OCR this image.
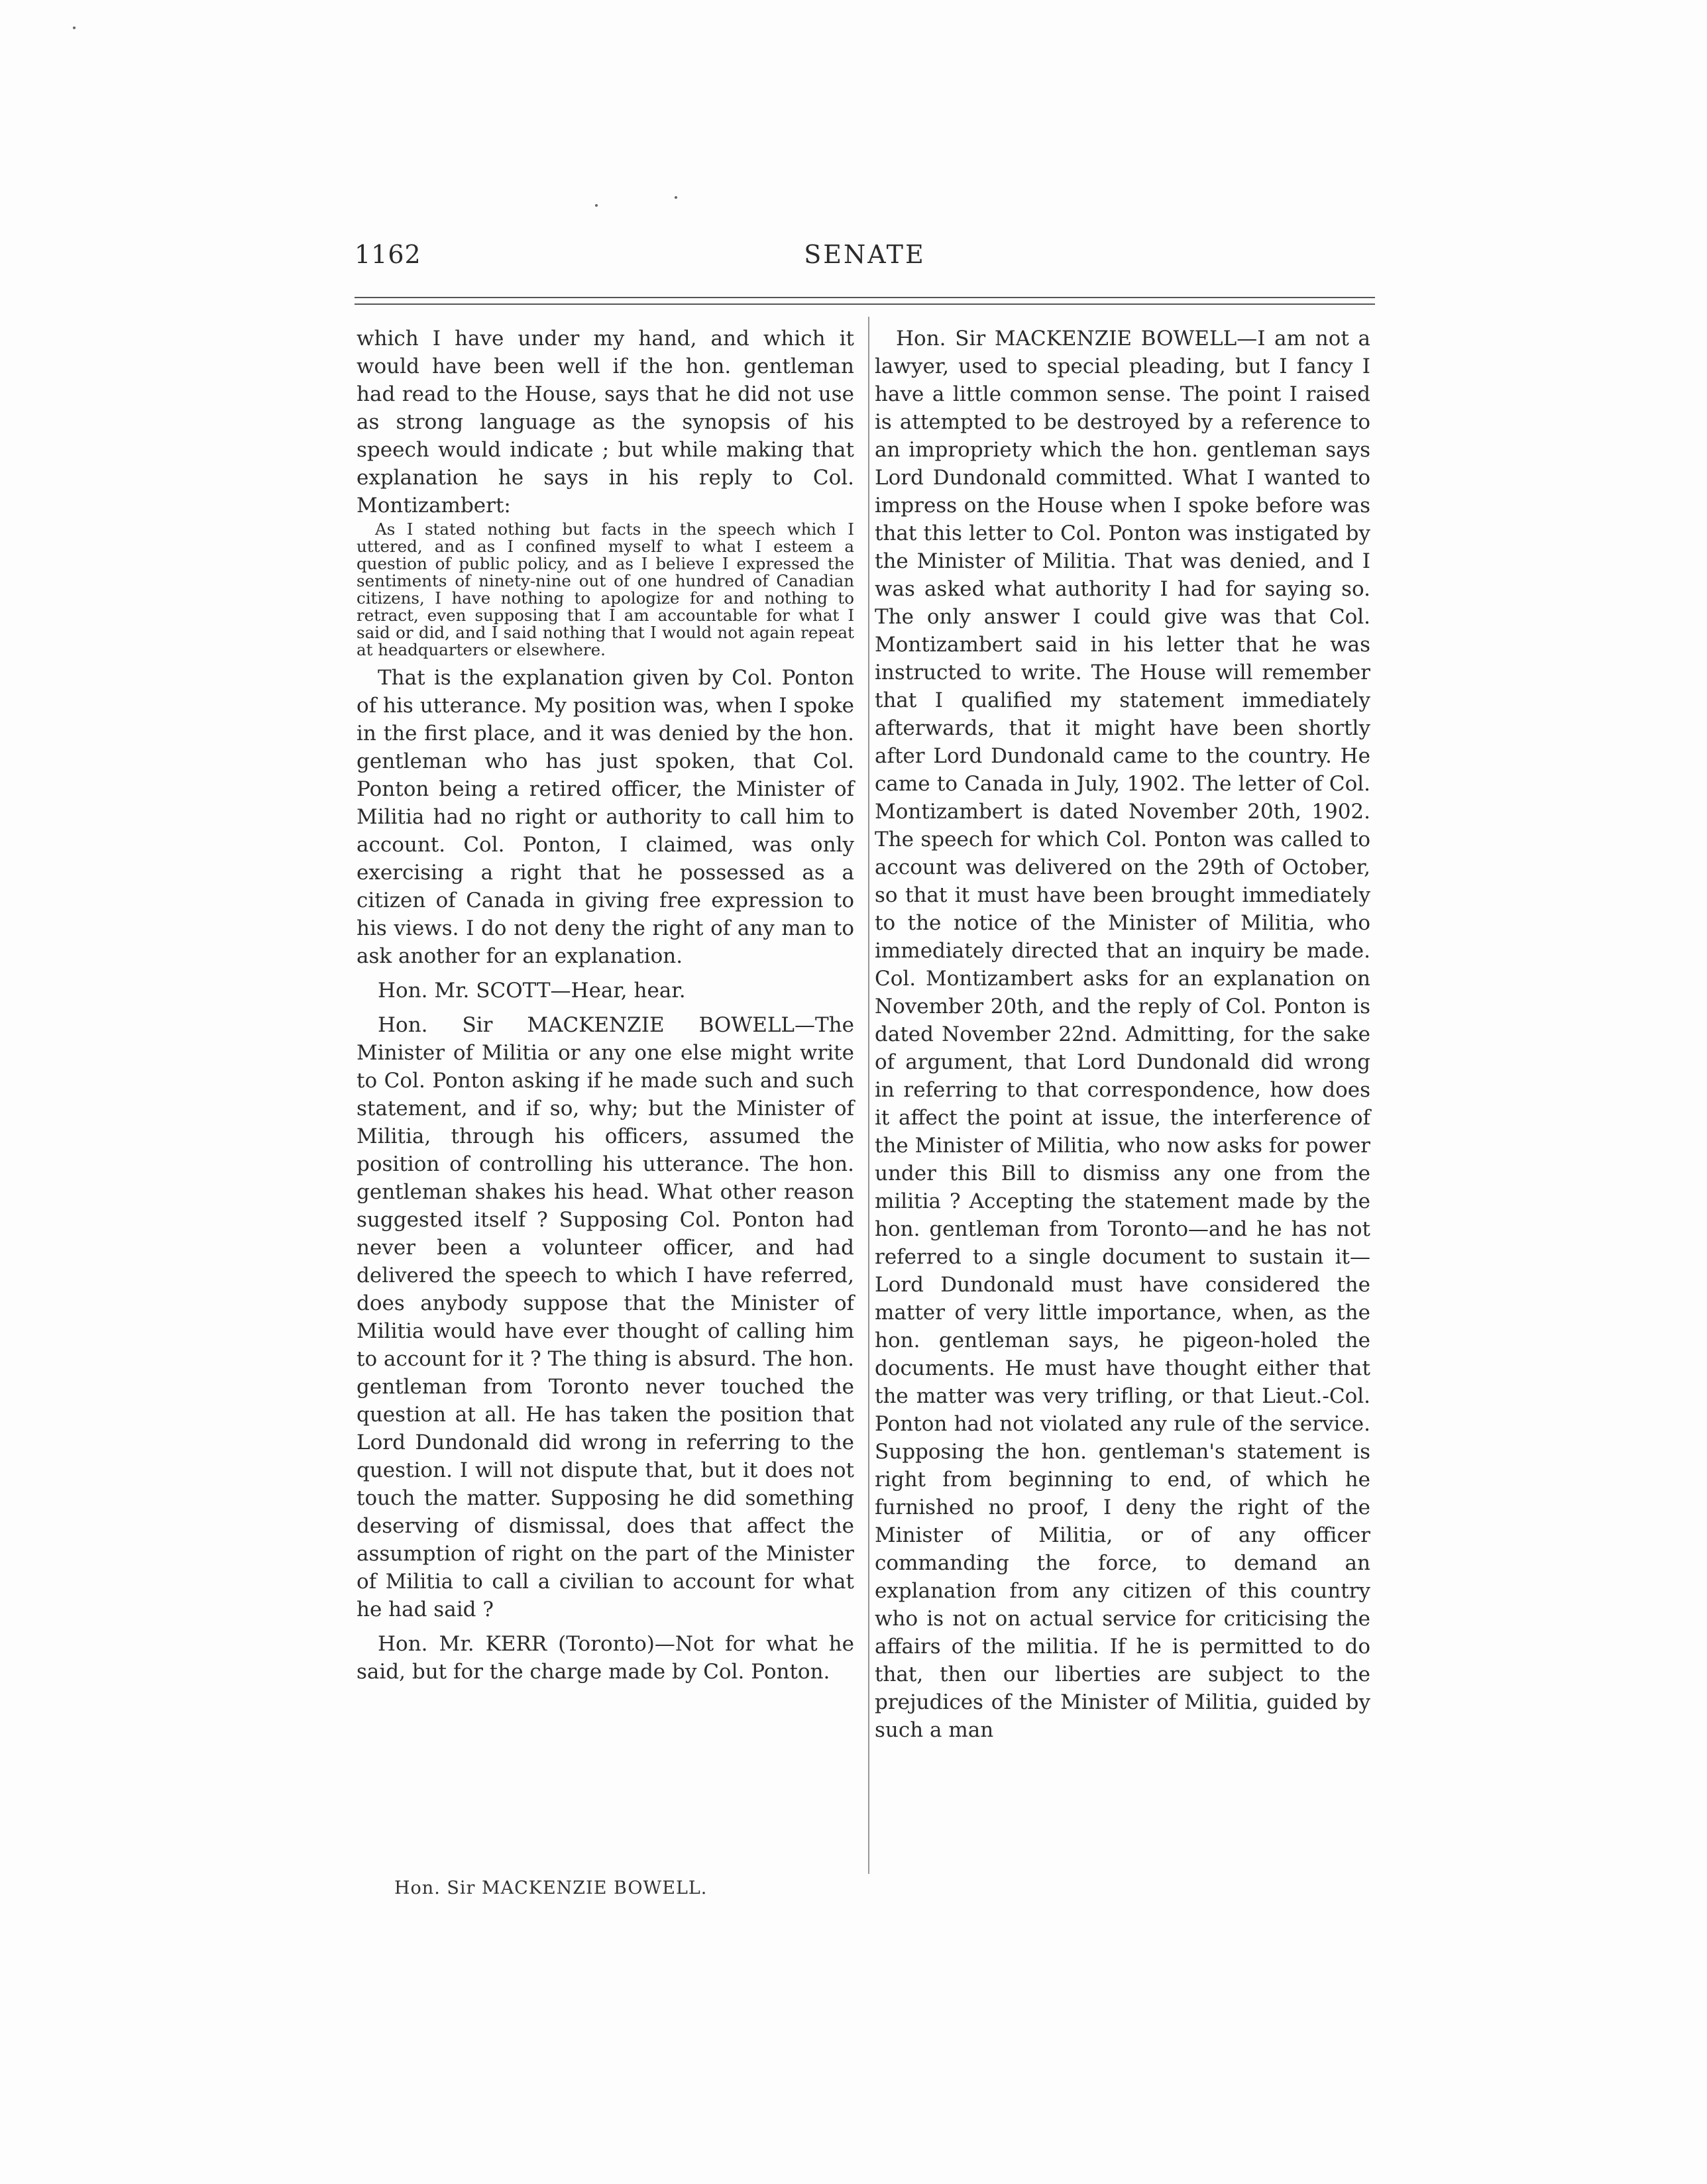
1162	SENATE

which I have under my hand, and which it would have been well if the hon. gentleman had read to the House, says that he did not use as strong language as the synopsis of his speech would indicate ; but while making that explanation he says in his reply to Col. Montizambert:

As I stated nothing but facts in the speech which I uttered, and as I confined myself to what I esteem a question of public policy, and as I believe I expressed the sentiments of ninety-nine out of one hundred of Canadian citizens, I have nothing to apologize for and nothing to retract, even supposing that I am accountable for what I said or did, and I said nothing that I would not again repeat at headquarters or elsewhere.

That is the explanation given by Col. Ponton of his utterance. My position was, when I spoke in the first place, and it was denied by the hon. gentleman who has just spoken, that Col. Ponton being a retired officer, the Minister of Militia had no right or authority to call him to account. Col. Ponton, I claimed, was only exercising a right that he possessed as a citizen of Canada in giving free expression to his views. I do not deny the right of any man to ask another for an explanation.

Hon. Mr. SCOTT—Hear, hear.

Hon. Sir MACKENZIE BOWELL—The Minister of Militia or any one else might write to Col. Ponton asking if he made such and such statement, and if so, why; but the Minister of Militia, through his officers, assumed the position of controlling his utterance. The hon. gentleman shakes his head. What other reason suggested itself ? Supposing Col. Ponton had never been a volunteer officer, and had delivered the speech to which I have referred, does anybody suppose that the Minister of Militia would have ever thought of calling him to account for it ? The thing is absurd. The hon. gentleman from Toronto never touched the question at all. He has taken the position that Lord Dundonald did wrong in referring to the question. I will not dispute that, but it does not touch the matter. Supposing he did something deserving of dismissal, does that affect the assumption of right on the part of the Minister of Militia to call a civilian to account for what he had said ?

Hon. Mr. KERR (Toronto)—Not for what he said, but for the charge made by Col. Ponton.

Hon. Sir MACKENZIE BOWELL—I am not a lawyer, used to special pleading, but I fancy I have a little common sense. The point I raised is attempted to be destroyed by a reference to an impropriety which the hon. gentleman says Lord Dundonald committed. What I wanted to impress on the House when I spoke before was that this letter to Col. Ponton was instigated by the Minister of Militia. That was denied, and I was asked what authority I had for saying so. The only answer I could give was that Col. Montizambert said in his letter that he was instructed to write. The House will remember that I qualified my statement immediately afterwards, that it might have been shortly after Lord Dundonald came to the country. He came to Canada in July, 1902. The letter of Col. Montizambert is dated November 20th, 1902. The speech for which Col. Ponton was called to account was delivered on the 29th of October, so that it must have been brought immediately to the notice of the Minister of Militia, who immediately directed that an inquiry be made. Col. Montizambert asks for an explanation on November 20th, and the reply of Col. Ponton is dated November 22nd. Admitting, for the sake of argument, that Lord Dundonald did wrong in referring to that correspondence, how does it affect the point at issue, the interference of the Minister of Militia, who now asks for power under this Bill to dismiss any one from the militia ? Accepting the statement made by the hon. gentleman from Toronto—and he has not referred to a single document to sustain it—Lord Dundonald must have considered the matter of very little importance, when, as the hon. gentleman says, he pigeon-holed the documents. He must have thought either that the matter was very trifling, or that Lieut.-Col. Ponton had not violated any rule of the service. Supposing the hon. gentleman's statement is right from beginning to end, of which he furnished no proof, I deny the right of the Minister of Militia, or of any officer commanding the force, to demand an explanation from any citizen of this country who is not on actual service for criticising the affairs of the militia. If he is permitted to do that, then our liberties are subject to the prejudices of the Minister of Militia, guided by such a man

Hon. Sir MACKENZIE BOWELL.
